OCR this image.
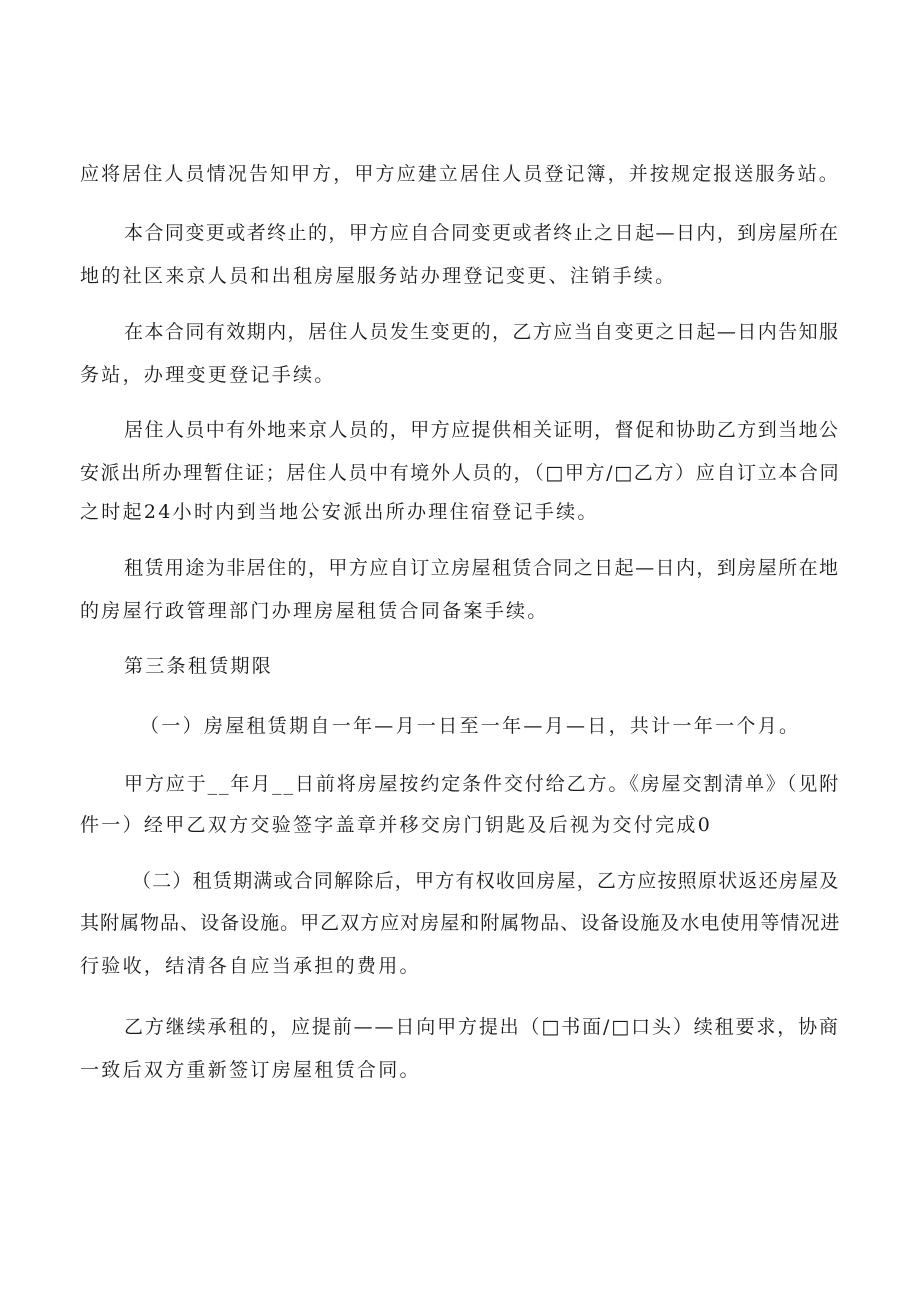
应将居住人员情况告知甲方，甲方应建立居住人员登记簿，并按规定报送服务站。
本合同变更或者终止的，甲方应自合同变更或者终止之日起—日内，到房屋所在
地的社区来京人员和出租房屋服务站办理登记变更、注销手续。
在本合同有效期内，居住人员发生变更的，乙方应当自变更之日起—日内告知服
务站，办理变更登记手续。
居住人员中有外地来京人员的，甲方应提供相关证明，督促和协助乙方到当地公
安派出所办理暂住证；居住人员中有境外人员的，（□甲方/□乙方）应自订立本合同
之时起24小时内到当地公安派出所办理住宿登记手续。
租赁用途为非居住的，甲方应自订立房屋租赁合同之日起—日内，到房屋所在地
的房屋行政管理部门办理房屋租赁合同备案手续。
第三条租赁期限
（一）房屋租赁期自一年—月一日至一年—月—日，共计一年一个月。
甲方应于__年月__日前将房屋按约定条件交付给乙方。《房屋交割清单》（见附
件一）经甲乙双方交验签字盖章并移交房门钥匙及后视为交付完成0
（二）租赁期满或合同解除后，甲方有权收回房屋，乙方应按照原状返还房屋及
其附属物品、设备设施。甲乙双方应对房屋和附属物品、设备设施及水电使用等情况进
行验收，结清各自应当承担的费用。
乙方继续承租的，应提前——日向甲方提出（□书面/□口头）续租要求，协商
一致后双方重新签订房屋租赁合同。
